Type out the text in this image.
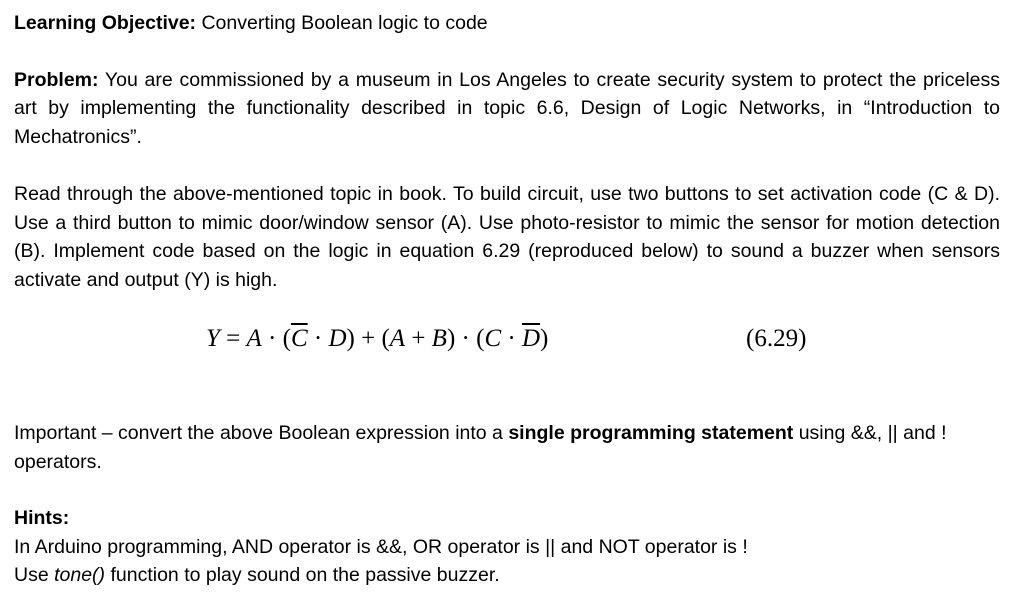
Learning Objective: Converting Boolean logic to code

Problem: You are commissioned by a museum in Los Angeles to create security system to protect the priceless art by implementing the functionality described in topic 6.6, Design of Logic Networks, in “Introduction to Mechatronics”.

Read through the above-mentioned topic in book. To build circuit, use two buttons to set activation code (C & D). Use a third button to mimic door/window sensor (A). Use photo-resistor to mimic the sensor for motion detection (B). Implement code based on the logic in equation 6.29 (reproduced below) to sound a buzzer when sensors activate and output (Y) is high.

$Y = A \cdot (\overline{C} \cdot D) + (A + B) \cdot (C \cdot \overline{D})$	(6.29)

Important – convert the above Boolean expression into a single programming statement using &&, || and ! operators.

Hints:

In Arduino programming, AND operator is &&, OR operator is || and NOT operator is !

Use tone() function to play sound on the passive buzzer.
